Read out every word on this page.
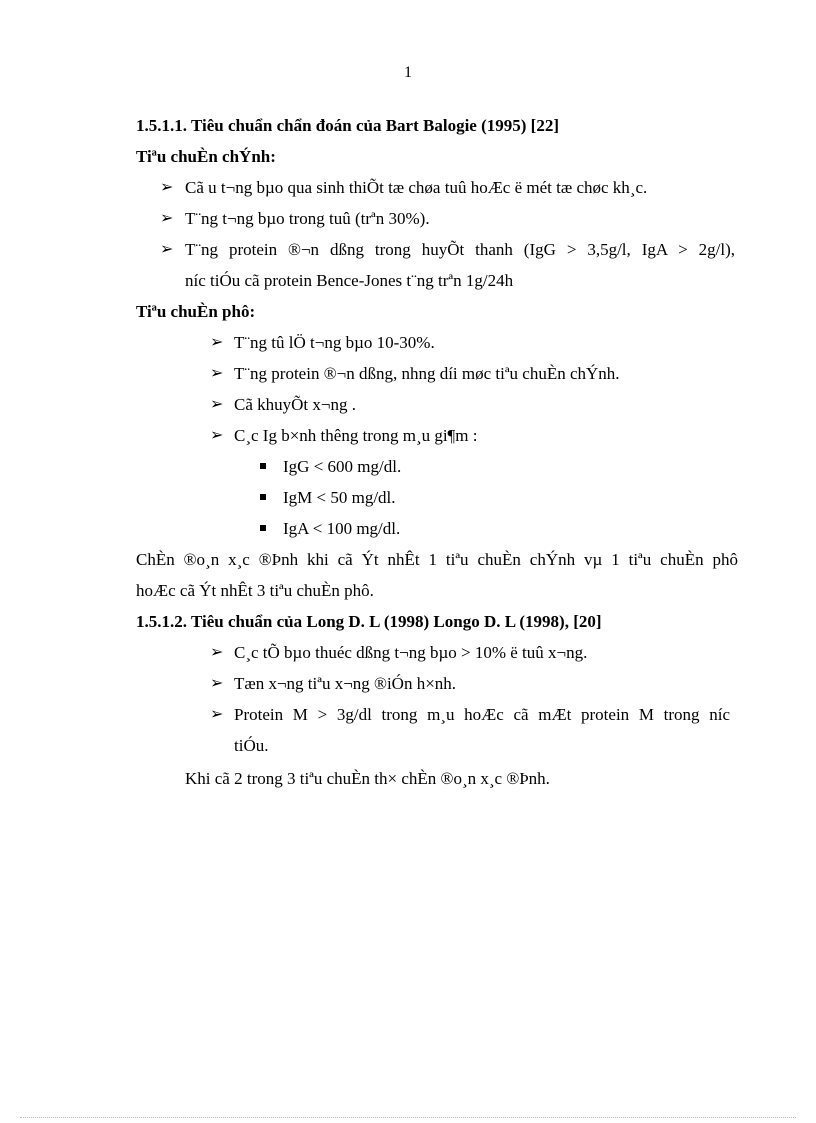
1
1.5.1.1. Tiêu chuẩn chẩn đoán của Bart Balogie (1995) [22]
Tiªu chuÈn chÝnh:
➢ Cã u t¬ng bµo qua sinh thiÕt tæ chøa tuû hoÆc ë mét tæ chøc kh¸c.
➢ T¨ng t¬ng bµo trong tuû (trªn 30%).
➢ T¨ng protein ®¬n dßng trong huyÕt thanh (IgG > 3,5g/l, IgA > 2g/l),
níc tiÓu cã protein Bence-Jones t¨ng trªn 1g/24h
Tiªu chuÈn phô:
➢ T¨ng tû lÖ t¬ng bµo 10-30%.
➢ T¨ng protein ®¬n dßng, nhng díi møc tiªu chuÈn chÝnh.
➢ Cã khuyÕt x¬ng .
➢ C¸c Ig b×nh thêng trong m¸u gi¶m :
IgG < 600 mg/dl.
IgM < 50 mg/dl.
IgA < 100 mg/dl.
ChÈn ®o¸n x¸c ®Þnh khi cã Ýt nhÊt 1 tiªu chuÈn chÝnh vµ 1 tiªu chuÈn phô
hoÆc cã Ýt nhÊt 3 tiªu chuÈn phô.
1.5.1.2. Tiêu chuẩn của Long D. L (1998) Longo D. L (1998), [20]
➢ C¸c tÕ bµo thuéc dßng t¬ng bµo > 10% ë tuû x¬ng.
➢ Tæn x¬ng tiªu x¬ng ®iÓn h×nh.
➢ Protein M > 3g/dl trong m¸u hoÆc cã mÆt protein M trong níc
tiÓu.
Khi cã 2 trong 3 tiªu chuÈn th× chÈn ®o¸n x¸c ®Þnh.
